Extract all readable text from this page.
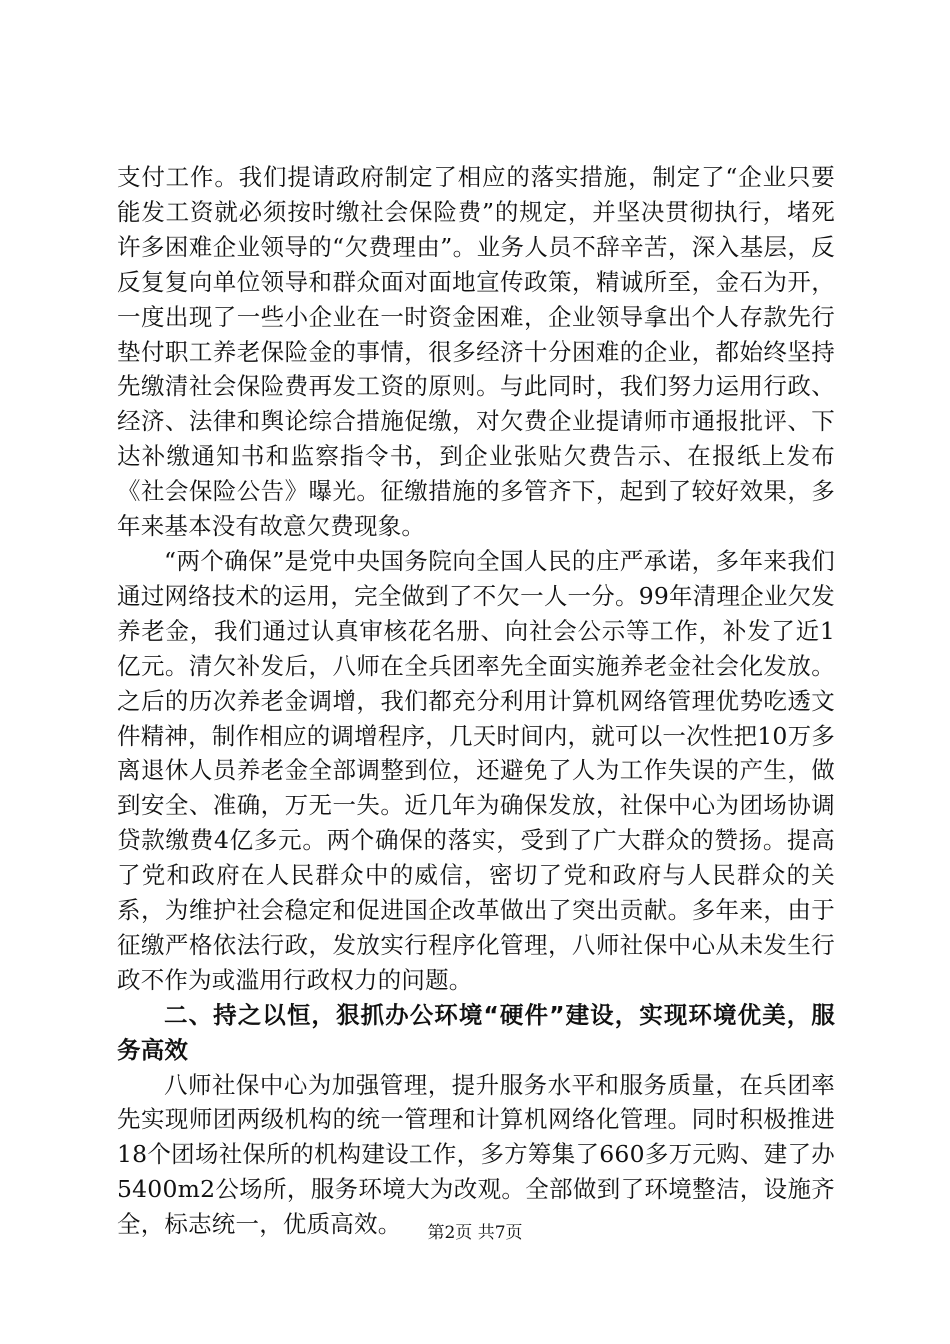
支付工作。我们提请政府制定了相应的落实措施，制定了“企业只要能发工资就必须按时缴社会保险费”的规定，并坚决贯彻执行，堵死许多困难企业领导的“欠费理由”。业务人员不辞辛苦，深入基层，反反复复向单位领导和群众面对面地宣传政策，精诚所至，金石为开，一度出现了一些小企业在一时资金困难，企业领导拿出个人存款先行垫付职工养老保险金的事情，很多经济十分困难的企业，都始终坚持先缴清社会保险费再发工资的原则。与此同时，我们努力运用行政、经济、法律和舆论综合措施促缴，对欠费企业提请师市通报批评、下达补缴通知书和监察指令书，到企业张贴欠费告示、在报纸上发布《社会保险公告》曝光。征缴措施的多管齐下，起到了较好效果，多年来基本没有故意欠费现象。

“两个确保”是党中央国务院向全国人民的庄严承诺，多年来我们通过网络技术的运用，完全做到了不欠一人一分。99年清理企业欠发养老金，我们通过认真审核花名册、向社会公示等工作，补发了近1亿元。清欠补发后，八师在全兵团率先全面实施养老金社会化发放。之后的历次养老金调增，我们都充分利用计算机网络管理优势吃透文件精神，制作相应的调增程序，几天时间内，就可以一次性把10万多离退休人员养老金全部调整到位，还避免了人为工作失误的产生，做到安全、准确，万无一失。近几年为确保发放，社保中心为团场协调贷款缴费4亿多元。两个确保的落实，受到了广大群众的赞扬。提高了党和政府在人民群众中的威信，密切了党和政府与人民群众的关系，为维护社会稳定和促进国企改革做出了突出贡献。多年来，由于征缴严格依法行政，发放实行程序化管理，八师社保中心从未发生行政不作为或滥用行政权力的问题。

二、持之以恒，狠抓办公环境“硬件”建设，实现环境优美，服务高效

八师社保中心为加强管理，提升服务水平和服务质量，在兵团率先实现师团两级机构的统一管理和计算机网络化管理。同时积极推进18个团场社保所的机构建设工作，多方筹集了660多万元购、建了办5400m2公场所，服务环境大为改观。全部做到了环境整洁，设施齐全，标志统一，优质高效。	第2页 共7页
